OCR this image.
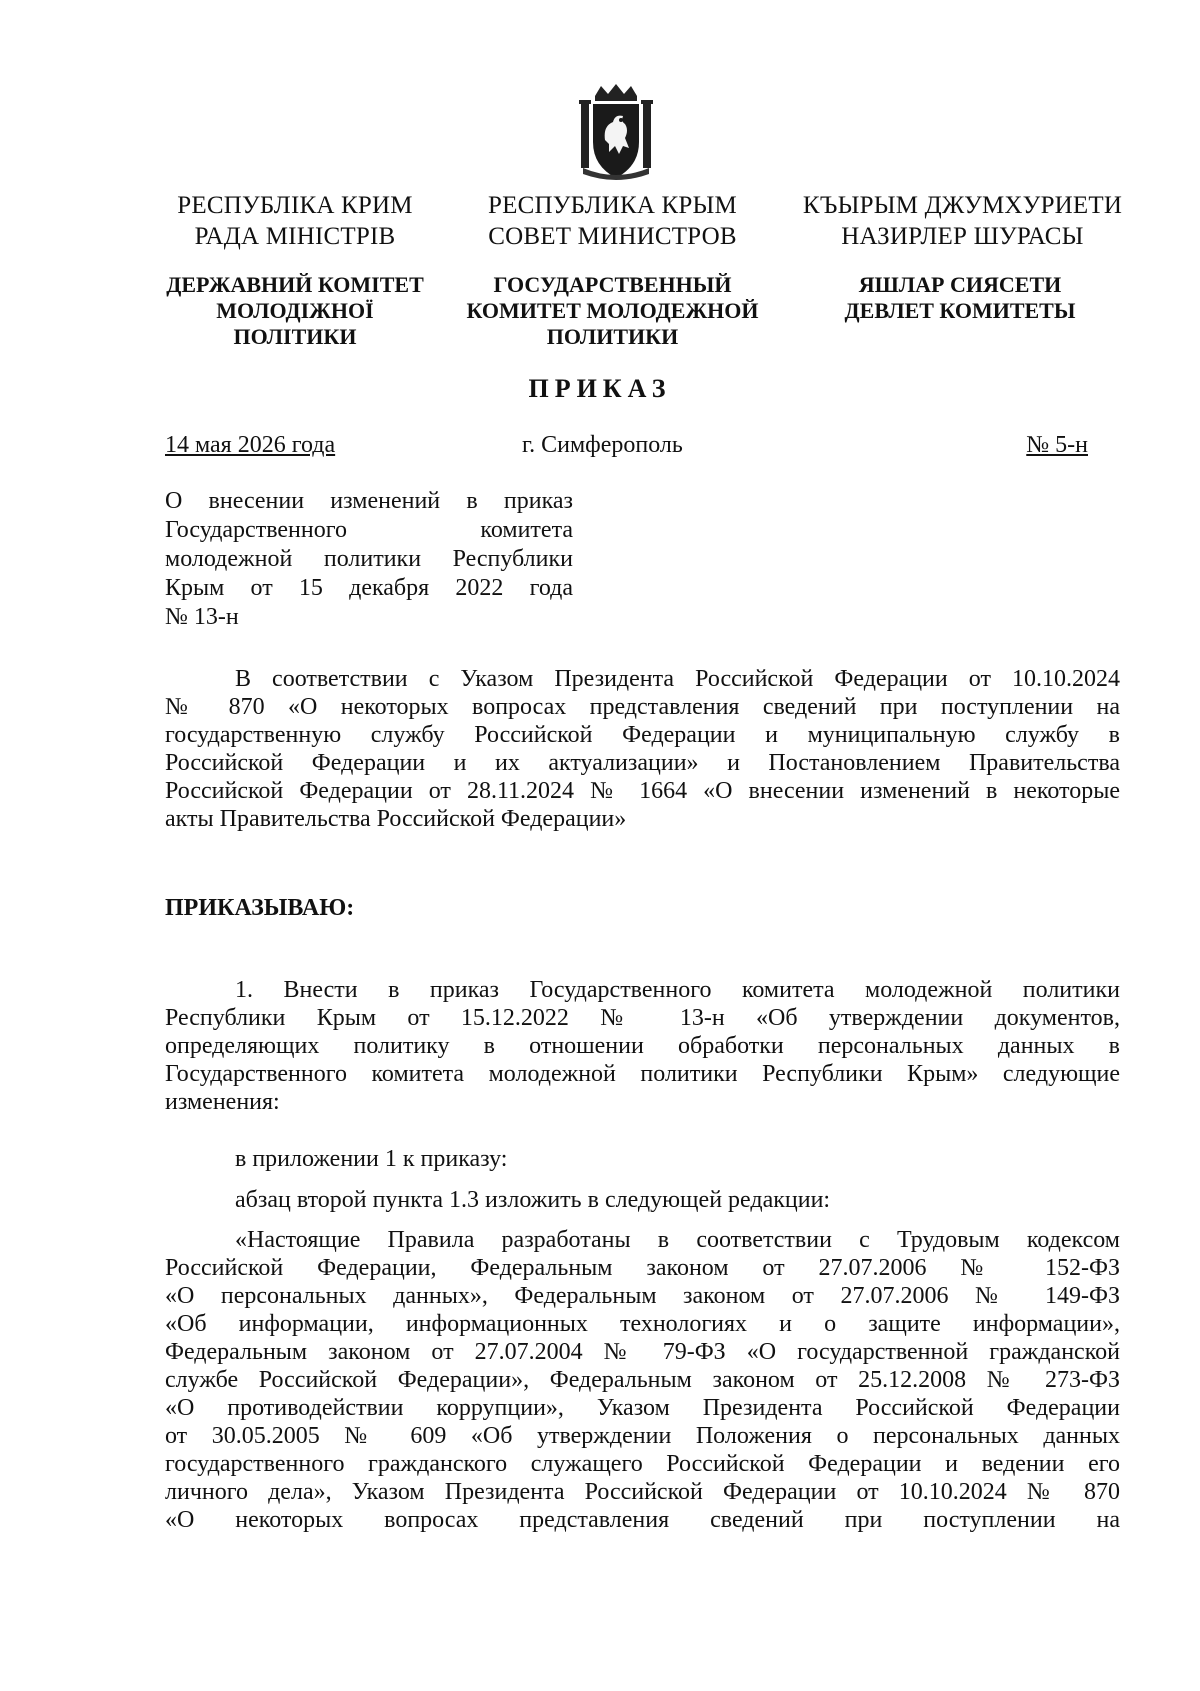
РЕСПУБЛІКА КРИМ
РАДА МІНІСТРІВ
РЕСПУБЛИКА КРЫМ
СОВЕТ МИНИСТРОВ
КЪЫРЫМ ДЖУМХУРИЕТИ
НАЗИРЛЕР ШУРАСЫ
ДЕРЖАВНИЙ КОМІТЕТ
МОЛОДІЖНОЇ
ПОЛІТИКИ
ГОСУДАРСТВЕННЫЙ
КОМИТЕТ МОЛОДЕЖНОЙ
ПОЛИТИКИ
ЯШЛАР СИЯСЕТИ
ДЕВЛЕТ КОМИТЕТЫ
ПРИКАЗ
14 мая 2026 года	г. Симферополь	№ 5-н
О внесении изменений в приказ
Государственного комитета
молодежной политики Республики
Крым от 15 декабря 2022 года
№ 13-н
В соответствии с Указом Президента Российской Федерации от 10.10.2024
№ 870 «О некоторых вопросах представления сведений при поступлении на
государственную службу Российской Федерации и муниципальную службу в
Российской Федерации и их актуализации» и Постановлением Правительства
Российской Федерации от 28.11.2024 № 1664 «О внесении изменений в некоторые
акты Правительства Российской Федерации»
ПРИКАЗЫВАЮ:
1. Внести в приказ Государственного комитета молодежной политики
Республики Крым от 15.12.2022 № 13-н «Об утверждении документов,
определяющих политику в отношении обработки персональных данных в
Государственного комитета молодежной политики Республики Крым» следующие
изменения:
в приложении 1 к приказу:
абзац второй пункта 1.3 изложить в следующей редакции:
«Настоящие Правила разработаны в соответствии с Трудовым кодексом
Российской Федерации, Федеральным законом от 27.07.2006 № 152-ФЗ
«О персональных данных», Федеральным законом от 27.07.2006 № 149-ФЗ
«Об информации, информационных технологиях и о защите информации»,
Федеральным законом от 27.07.2004 № 79-ФЗ «О государственной гражданской
службе Российской Федерации», Федеральным законом от 25.12.2008 № 273-ФЗ
«О противодействии коррупции», Указом Президента Российской Федерации
от 30.05.2005 № 609 «Об утверждении Положения о персональных данных
государственного гражданского служащего Российской Федерации и ведении его
личного дела», Указом Президента Российской Федерации от 10.10.2024 № 870
«О некоторых вопросах представления сведений при поступлении на
